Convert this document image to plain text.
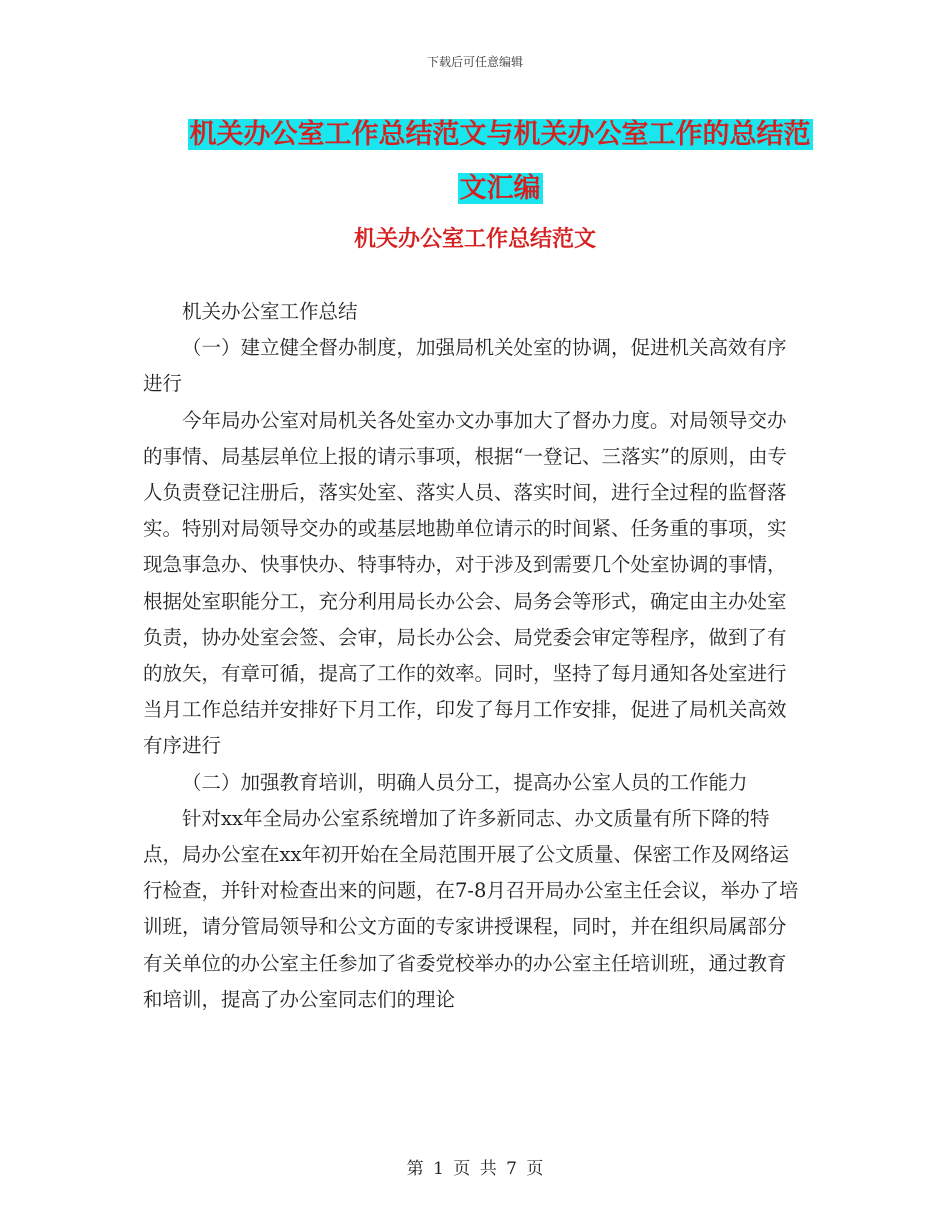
下载后可任意编辑
机关办公室工作总结范文与机关办公室工作的总结范
文汇编
机关办公室工作总结范文

机关办公室工作总结

（一）建立健全督办制度，加强局机关处室的协调，促进机关高效有序进行

今年局办公室对局机关各处室办文办事加大了督办力度。对局领导交办的事情、局基层单位上报的请示事项，根据“一登记、三落实”的原则，由专人负责登记注册后，落实处室、落实人员、落实时间，进行全过程的监督落实。特别对局领导交办的或基层地勘单位请示的时间紧、任务重的事项，实现急事急办、快事快办、特事特办，对于涉及到需要几个处室协调的事情，根据处室职能分工，充分利用局长办公会、局务会等形式，确定由主办处室负责，协办处室会签、会审，局长办公会、局党委会审定等程序，做到了有的放矢，有章可循，提高了工作的效率。同时，坚持了每月通知各处室进行当月工作总结并安排好下月工作，印发了每月工作安排，促进了局机关高效有序进行

（二）加强教育培训，明确人员分工，提高办公室人员的工作能力

针对xx年全局办公室系统增加了许多新同志、办文质量有所下降的特点，局办公室在xx年初开始在全局范围开展了公文质量、保密工作及网络运行检查，并针对检查出来的问题，在7-8月召开局办公室主任会议，举办了培训班，请分管局领导和公文方面的专家讲授课程，同时，并在组织局属部分有关单位的办公室主任参加了省委党校举办的办公室主任培训班，通过教育和培训，提高了办公室同志们的理论

第 1 页 共 7 页
